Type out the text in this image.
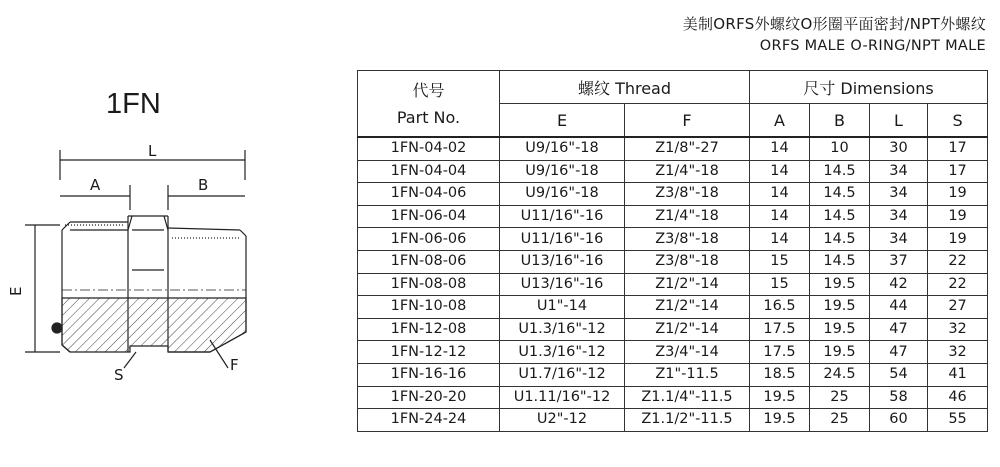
美制ORFS外螺纹O形圈平面密封/NPT外螺纹
ORFS MALE O-RING/NPT MALE
1FN
L
A	B
E
S
F
代号
Part No.	螺纹 Thread		尺寸 Dimensions			
	E	F	A	B	L	S
1FN-04-02	U9/16"-18	Z1/8"-27	14	10	30	17
1FN-04-04	U9/16"-18	Z1/4"-18	14	14.5	34	17
1FN-04-06	U9/16"-18	Z3/8"-18	14	14.5	34	19
1FN-06-04	U11/16"-16	Z1/4"-18	14	14.5	34	19
1FN-06-06	U11/16"-16	Z3/8"-18	14	14.5	34	19
1FN-08-06	U13/16"-16	Z3/8"-18	15	14.5	37	22
1FN-08-08	U13/16"-16	Z1/2"-14	15	19.5	42	22
1FN-10-08	U1"-14	Z1/2"-14	16.5	19.5	44	27
1FN-12-08	U1.3/16"-12	Z1/2"-14	17.5	19.5	47	32
1FN-12-12	U1.3/16"-12	Z3/4"-14	17.5	19.5	47	32
1FN-16-16	U1.7/16"-12	Z1"-11.5	18.5	24.5	54	41
1FN-20-20	U1.11/16"-12	Z1.1/4"-11.5	19.5	25	58	46
1FN-24-24	U2"-12	Z1.1/2"-11.5	19.5	25	60	55
